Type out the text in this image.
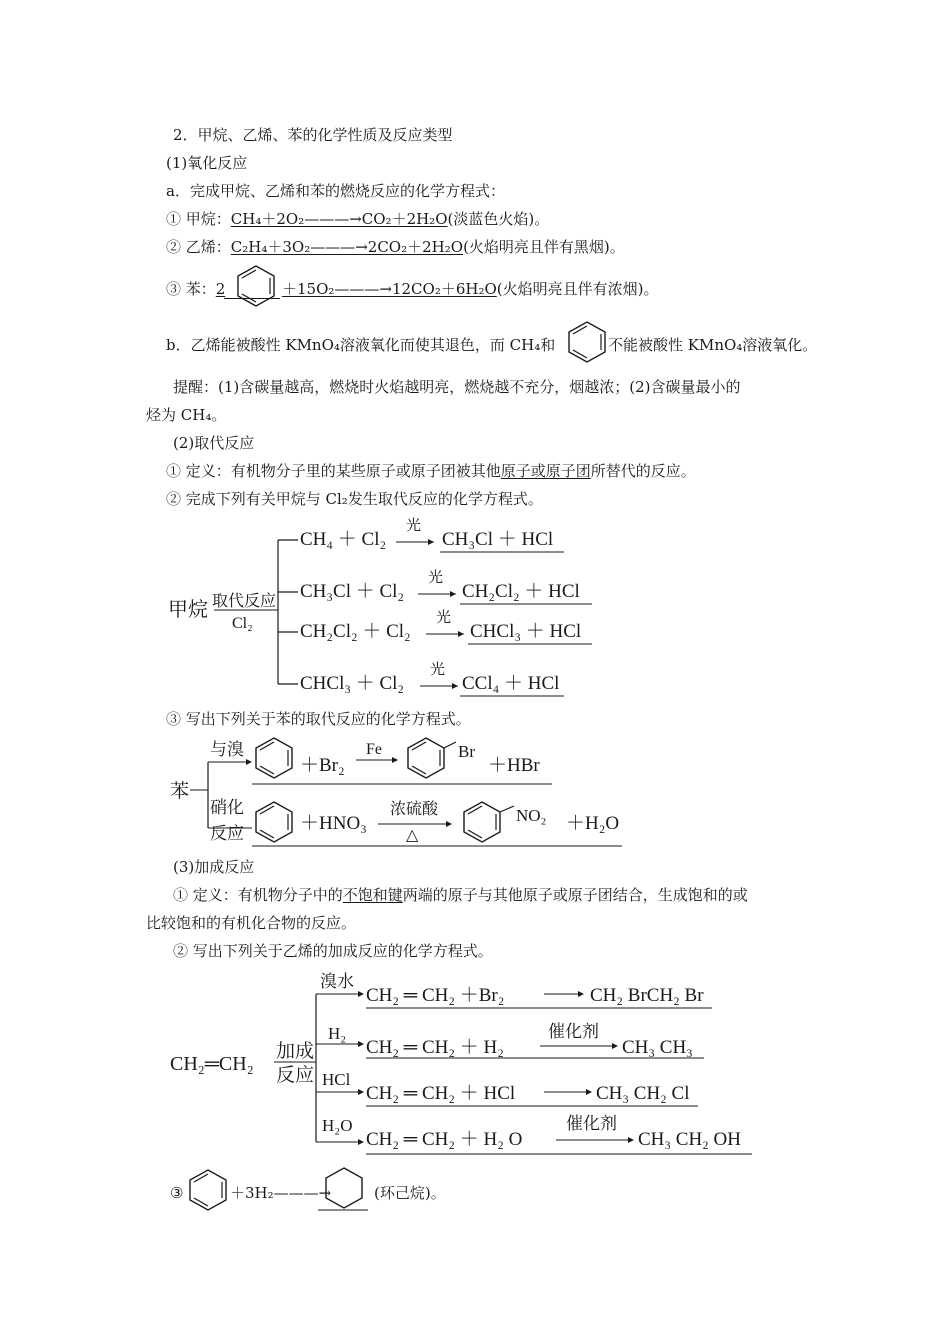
2．甲烷、乙烯、苯的化学性质及反应类型
(1)氧化反应
a．完成甲烷、乙烯和苯的燃烧反应的化学方程式：
① 甲烷：CH₄＋2O₂———→CO₂＋2H₂O(淡蓝色火焰)。
② 乙烯：C₂H₄＋3O₂———→2CO₂＋2H₂O(火焰明亮且伴有黑烟)。
③ 苯：2	＋15O₂———→12CO₂＋6H₂O(火焰明亮且伴有浓烟)。
b．乙烯能被酸性 KMnO₄溶液氧化而使其退色，而 CH₄和	不能被酸性 KMnO₄溶液氧化。
提醒：(1)含碳量越高，燃烧时火焰越明亮，燃烧越不充分，烟越浓；(2)含碳量最小的
烃为 CH₄。
(2)取代反应
① 定义：有机物分子里的某些原子或原子团被其他原子或原子团所替代的反应。
② 完成下列有关甲烷与 Cl₂发生取代反应的化学方程式。
甲烷 取代反应
Cl₂
CH₄ ＋ Cl₂
光
CH₃Cl ＋ HCl
CH₃Cl ＋ Cl₂
光
CH₂Cl₂ ＋ HCl
CH₂Cl₂ ＋ Cl₂
光
CHCl₃ ＋ HCl
CHCl₃ ＋ Cl₂
光
CCl₄ ＋ HCl
③ 写出下列关于苯的取代反应的化学方程式。
苯
与溴
＋Br₂
Fe	Br
＋HBr
硝化
反应	＋HNO₃
浓硫酸
△
NO₂ ＋H₂O
(3)加成反应
① 定义：有机物分子中的不饱和键两端的原子与其他原子或原子团结合，生成饱和的或
比较饱和的有机化合物的反应。
② 写出下列关于乙烯的加成反应的化学方程式。
CH₂═CH₂
加成
反应
溴水
H₂
HCl
H₂O
CH₂ ═ CH₂ ＋Br₂	CH₂ BrCH₂ Br
CH₂ ═ CH₂ ＋ H₂
催化剂
CH₃ CH₃
CH₂ ═ CH₂ ＋ HCl	CH₃ CH₂ Cl
CH₂ ═ CH₂ ＋ H₂ O
催化剂
CH₃ CH₂ OH
③	＋3H₂———→	(环己烷)。
